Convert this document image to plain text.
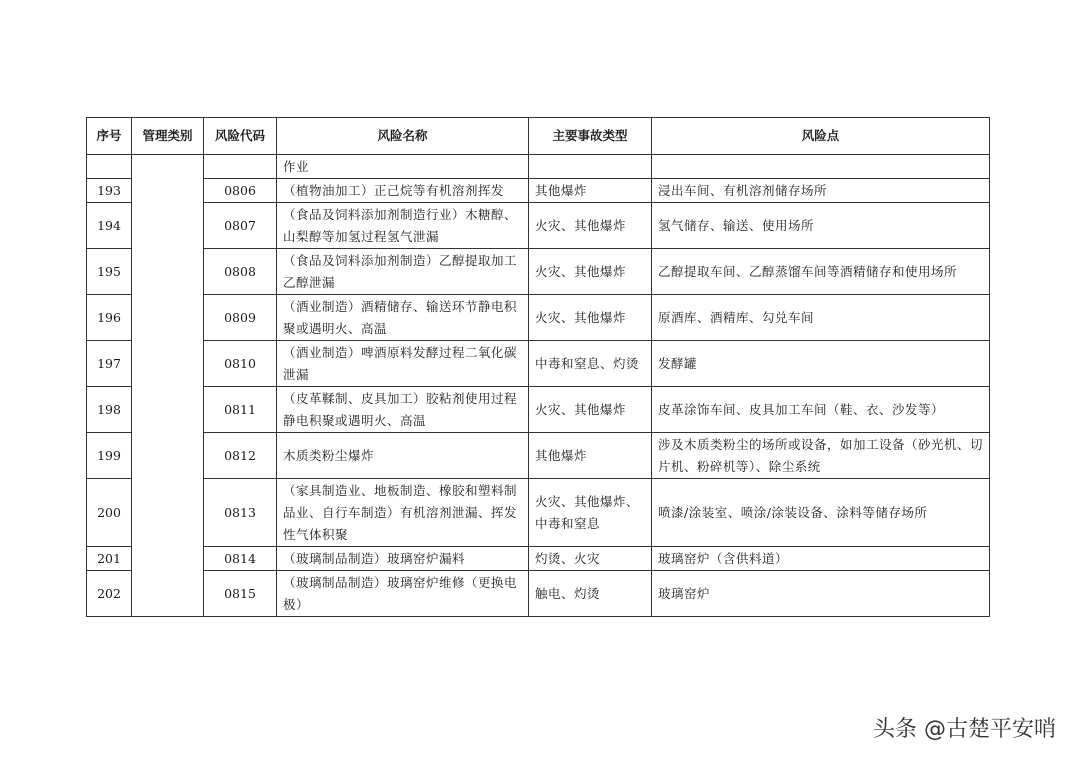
序号	管理类别	风险代码	风险名称	主要事故类型	风险点
			作业		
193		0806	（植物油加工）正己烷等有机溶剂挥发	其他爆炸	浸出车间、有机溶剂储存场所
194		0807	（食品及饲料添加剂制造行业）木糖醇、山梨醇等加氢过程氢气泄漏	火灾、其他爆炸	氢气储存、输送、使用场所
195		0808	（食品及饲料添加剂制造）乙醇提取加工乙醇泄漏	火灾、其他爆炸	乙醇提取车间、乙醇蒸馏车间等酒精储存和使用场所
196		0809	（酒业制造）酒精储存、输送环节静电积聚或遇明火、高温	火灾、其他爆炸	原酒库、酒精库、勾兑车间
197		0810	（酒业制造）啤酒原料发酵过程二氧化碳泄漏	中毒和窒息、灼烫	发酵罐
198		0811	（皮革鞣制、皮具加工）胶粘剂使用过程静电积聚或遇明火、高温	火灾、其他爆炸	皮革涂饰车间、皮具加工车间（鞋、衣、沙发等）
199		0812	木质类粉尘爆炸	其他爆炸	涉及木质类粉尘的场所或设备，如加工设备（砂光机、切片机、粉碎机等）、除尘系统
200		0813	（家具制造业、地板制造、橡胶和塑料制品业、自行车制造）有机溶剂泄漏、挥发性气体积聚	火灾、其他爆炸、中毒和窒息	喷漆/涂装室、喷涂/涂装设备、涂料等储存场所
201		0814	（玻璃制品制造）玻璃窑炉漏料	灼烫、火灾	玻璃窑炉（含供料道）
202		0815	（玻璃制品制造）玻璃窑炉维修（更换电极）	触电、灼烫	玻璃窑炉
头条 @古楚平安哨
